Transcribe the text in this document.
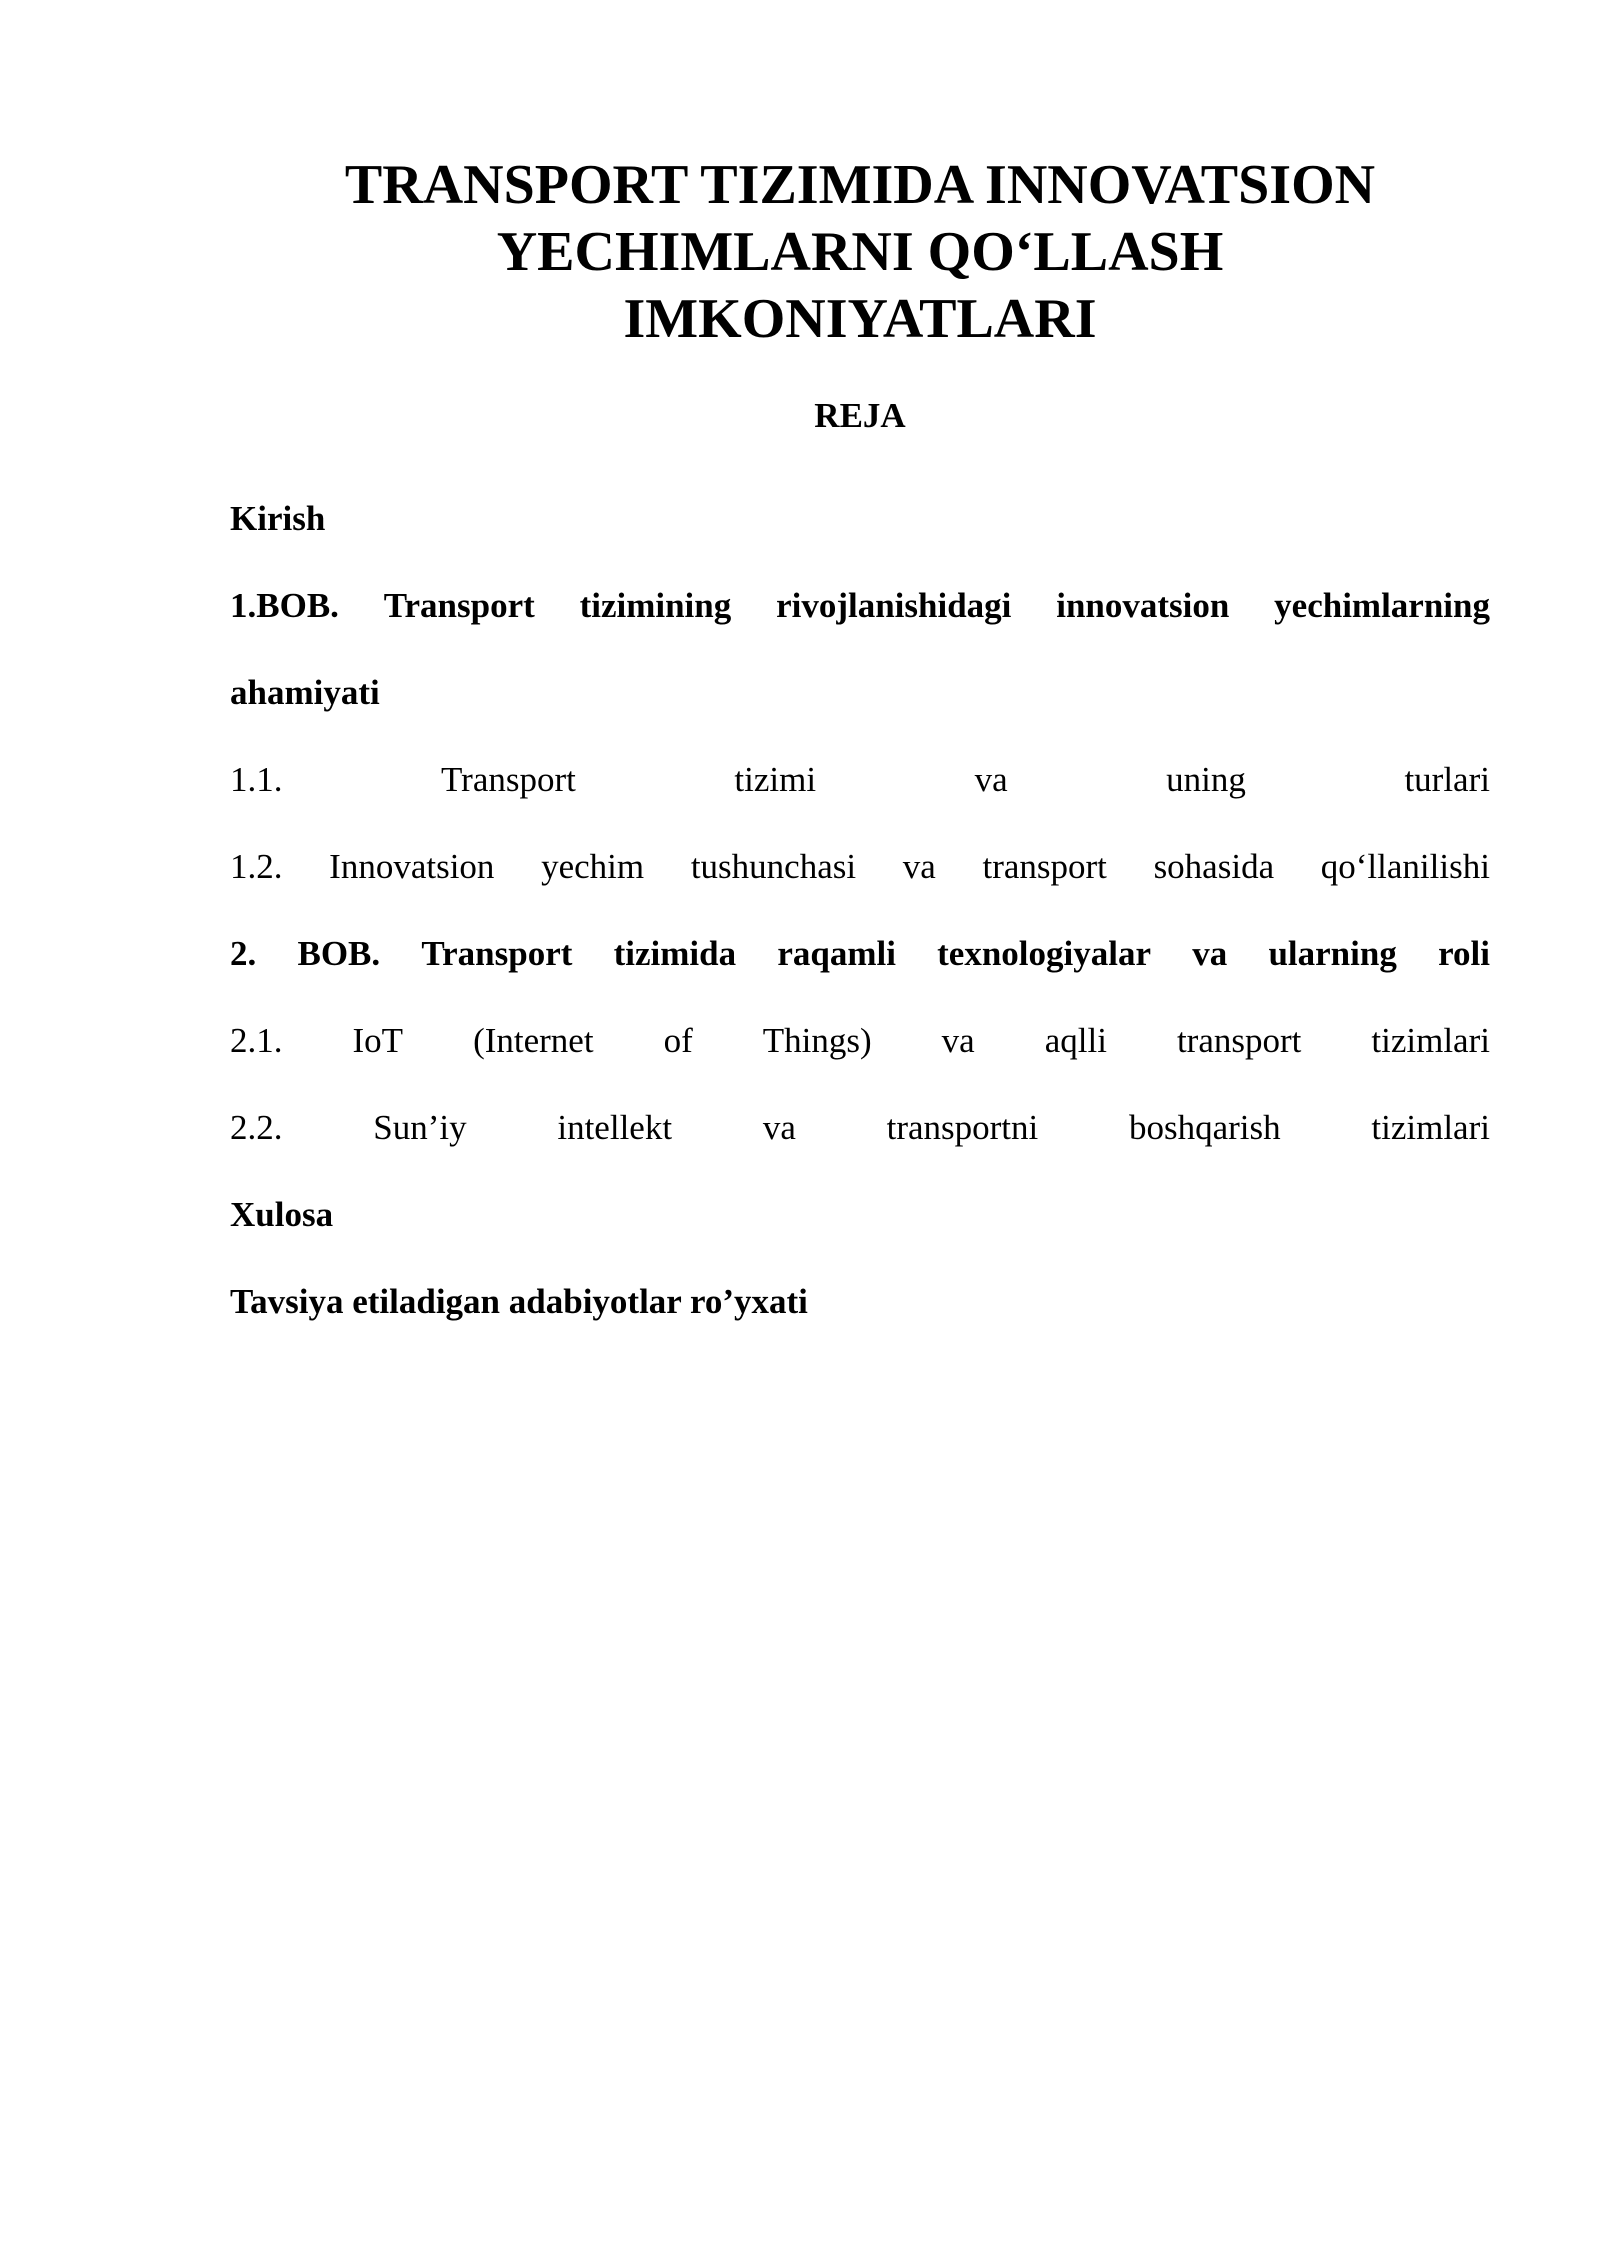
TRANSPORT TIZIMIDA INNOVATSION
YECHIMLARNI QO‘LLASH
IMKONIYATLARI
REJA
Kirish
1.BOB. Transport tizimining rivojlanishidagi innovatsion yechimlarning
ahamiyati
1.1.	Transport	tizimi	va	uning	turlari
1.2. Innovatsion yechim tushunchasi va transport sohasida qo‘llanilishi
2. BOB. Transport tizimida raqamli texnologiyalar va ularning roli
2.1. IoT (Internet of Things) va aqlli transport tizimlari
2.2.	Sun’iy	intellekt	va	transportni	boshqarish	tizimlari
Xulosa
Tavsiya etiladigan adabiyotlar ro’yxati
